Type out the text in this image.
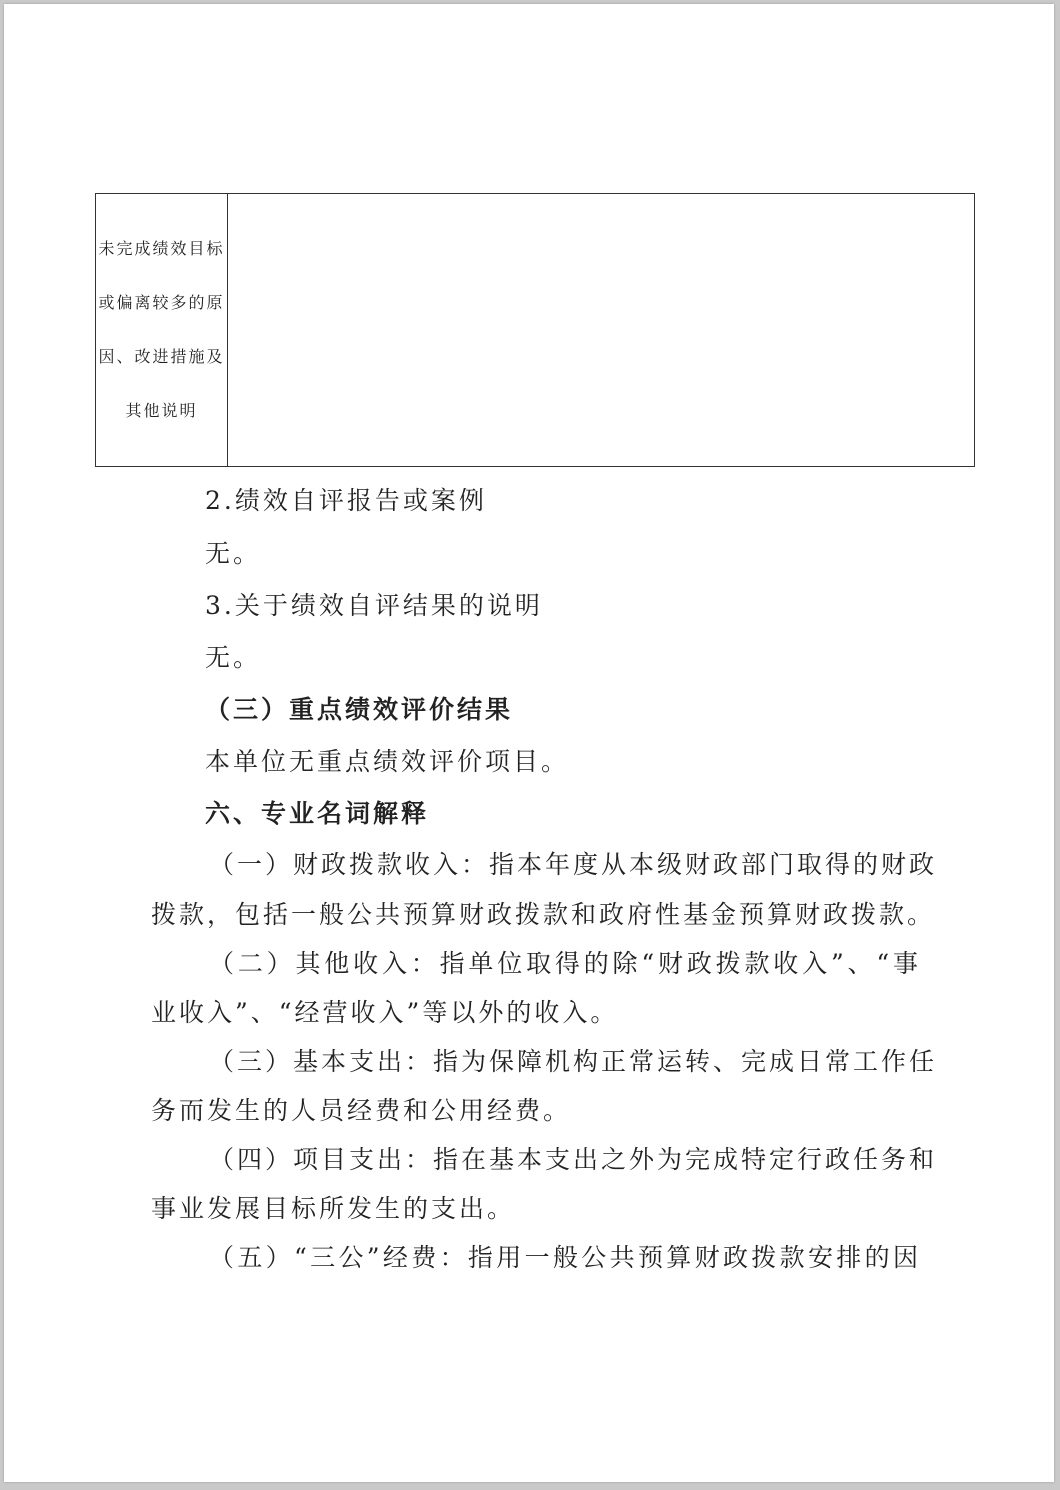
未完成绩效目标或偏离较多的原因、改进措施及其他说明	
2.绩效自评报告或案例
无。
3.关于绩效自评结果的说明
无。
（三）重点绩效评价结果
本单位无重点绩效评价项目。
六、专业名词解释
（一）财政拨款收入：指本年度从本级财政部门取得的财政
拨款，包括一般公共预算财政拨款和政府性基金预算财政拨款。
（二）其他收入：指单位取得的除“财政拨款收入”、“事
业收入”、“经营收入”等以外的收入。
（三）基本支出：指为保障机构正常运转、完成日常工作任
务而发生的人员经费和公用经费。
（四）项目支出：指在基本支出之外为完成特定行政任务和
事业发展目标所发生的支出。
（五）“三公”经费：指用一般公共预算财政拨款安排的因
